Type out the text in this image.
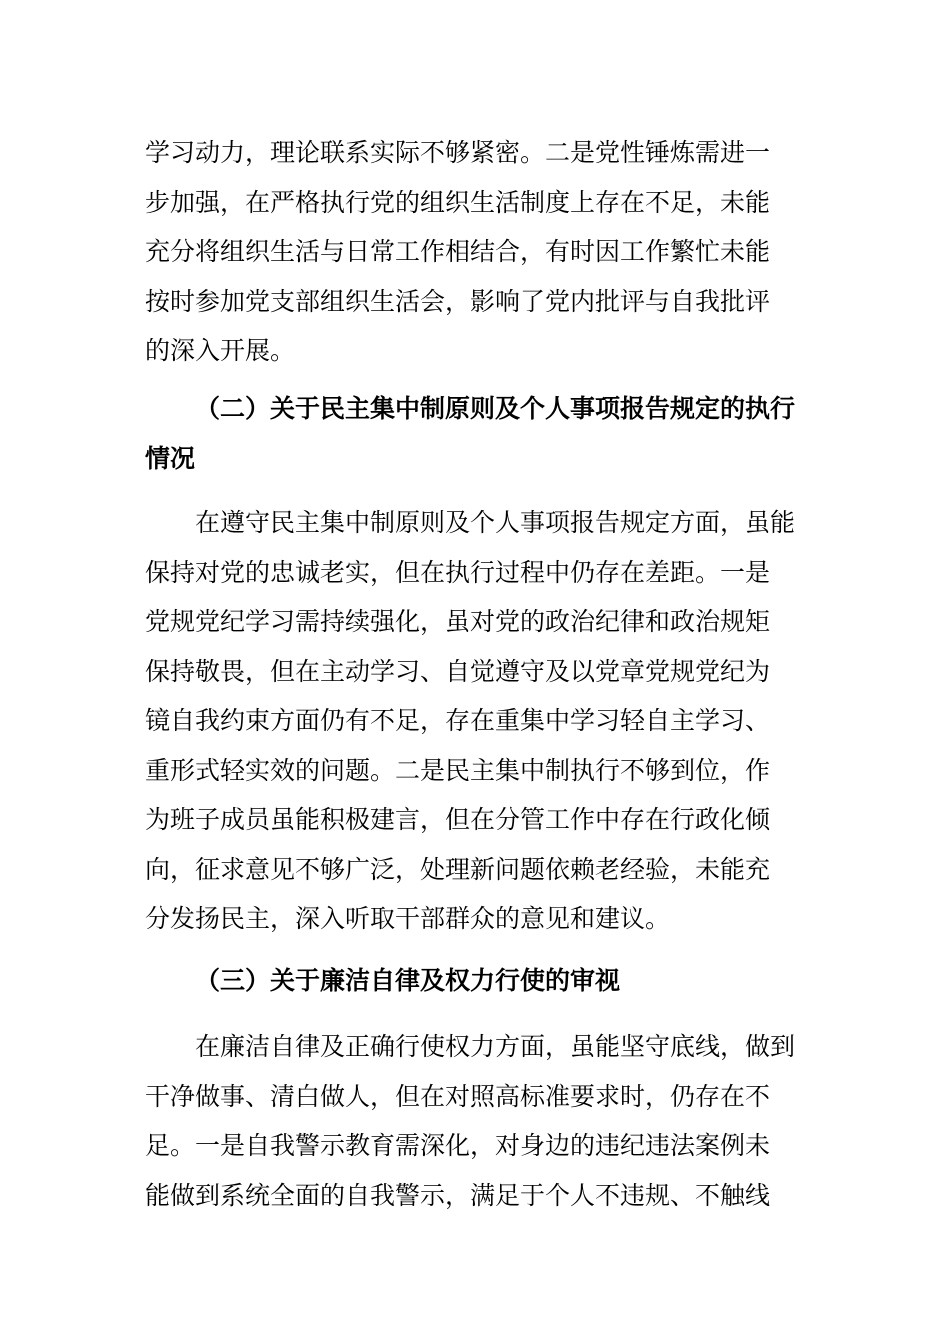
学习动力，理论联系实际不够紧密。二是党性锤炼需进一
步加强，在严格执行党的组织生活制度上存在不足，未能
充分将组织生活与日常工作相结合，有时因工作繁忙未能
按时参加党支部组织生活会，影响了党内批评与自我批评
的深入开展。
（二）关于民主集中制原则及个人事项报告规定的执行
情况
在遵守民主集中制原则及个人事项报告规定方面，虽能
保持对党的忠诚老实，但在执行过程中仍存在差距。一是
党规党纪学习需持续强化，虽对党的政治纪律和政治规矩
保持敬畏，但在主动学习、自觉遵守及以党章党规党纪为
镜自我约束方面仍有不足，存在重集中学习轻自主学习、
重形式轻实效的问题。二是民主集中制执行不够到位，作
为班子成员虽能积极建言，但在分管工作中存在行政化倾
向，征求意见不够广泛，处理新问题依赖老经验，未能充
分发扬民主，深入听取干部群众的意见和建议。
（三）关于廉洁自律及权力行使的审视
在廉洁自律及正确行使权力方面，虽能坚守底线，做到
干净做事、清白做人，但在对照高标准要求时，仍存在不
足。一是自我警示教育需深化，对身边的违纪违法案例未
能做到系统全面的自我警示，满足于个人不违规、不触线
